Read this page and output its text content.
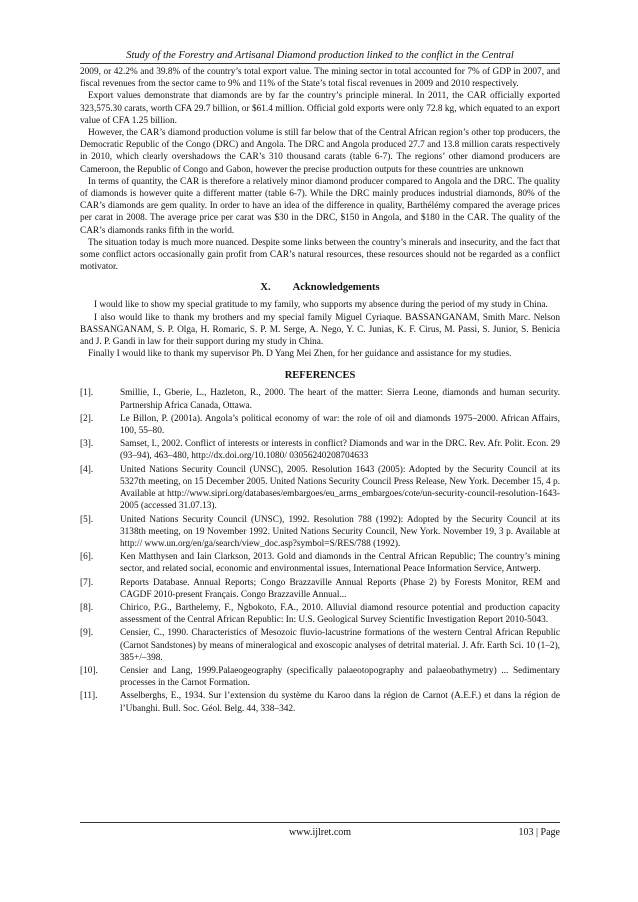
Study of the Forestry and Artisanal Diamond production linked to the conflict in the Central

2009, or 42.2% and 39.8% of the country’s total export value. The mining sector in total accounted for 7% of GDP in 2007, and fiscal revenues from the sector came to 9% and 11% of the State’s total fiscal revenues in 2009 and 2010 respectively.

Export values demonstrate that diamonds are by far the country’s principle mineral. In 2011, the CAR officially exported 323,575.30 carats, worth CFA 29.7 billion, or $61.4 million. Official gold exports were only 72.8 kg, which equated to an export value of CFA 1.25 billion.

However, the CAR’s diamond production volume is still far below that of the Central African region’s other top producers, the Democratic Republic of the Congo (DRC) and Angola. The DRC and Angola produced 27.7 and 13.8 million carats respectively in 2010, which clearly overshadows the CAR’s 310 thousand carats (table 6-7). The regions’ other diamond producers are Cameroon, the Republic of Congo and Gabon, however the precise production outputs for these countries are unknown

In terms of quantity, the CAR is therefore a relatively minor diamond producer compared to Angola and the DRC. The quality of diamonds is however quite a different matter (table 6-7). While the DRC mainly produces industrial diamonds, 80% of the CAR’s diamonds are gem quality. In order to have an idea of the difference in quality, Barthélémy compared the average prices per carat in 2008. The average price per carat was $30 in the DRC, $150 in Angola, and $180 in the CAR. The quality of the CAR’s diamonds ranks fifth in the world.

The situation today is much more nuanced. Despite some links between the country’s minerals and insecurity, and the fact that some conflict actors occasionally gain profit from CAR’s natural resources, these resources should not be regarded as a conflict motivator.

X. Acknowledgements

I would like to show my special gratitude to my family, who supports my absence during the period of my study in China.

I also would like to thank my brothers and my special family Miguel Cyriaque. BASSANGANAM, Smith Marc. Nelson BASSANGANAM, S. P. Olga, H. Romaric, S. P. M. Serge, A. Nego, Y. C. Junias, K. F. Cirus, M. Passi, S. Junior, S. Benicia and J. P. Gandi in law for their support during my study in China.

Finally I would like to thank my supervisor Ph. D Yang Mei Zhen, for her guidance and assistance for my studies.

REFERENCES
[1].	Smillie, I., Gberie, L., Hazleton, R., 2000. The heart of the matter: Sierra Leone, diamonds and human security. Partnership Africa Canada, Ottawa.
[2].	Le Billon, P. (2001a). Angola’s political economy of war: the role of oil and diamonds 1975–2000. African Affairs, 100, 55–80.
[3].	Samset, I., 2002. Conflict of interests or interests in conflict? Diamonds and war in the DRC. Rev. Afr. Polit. Econ. 29 (93–94), 463–480, http://dx.doi.org/10.1080/ 03056240208704633
[4].	United Nations Security Council (UNSC), 2005. Resolution 1643 (2005): Adopted by the Security Council at its 5327th meeting, on 15 December 2005. United Nations Security Council Press Release, New York. December 15, 4 p. Available at http://www.sipri.org/databases/embargoes/eu_arms_embargoes/cote/un-security-council-resolution-1643-2005 (accessed 31.07.13).
[5].	United Nations Security Council (UNSC), 1992. Resolution 788 (1992): Adopted by the Security Council at its 3138th meeting, on 19 November 1992. United Nations Security Council, New York. November 19, 3 p. Available at http:// www.un.org/en/ga/search/view_doc.asp?symbol=S/RES/788 (1992).
[6].	Ken Matthysen and Iain Clarkson, 2013. Gold and diamonds in the Central African Republic; The country’s mining sector, and related social, economic and environmental issues, International Peace Information Service, Antwerp.
[7].	Reports Database. Annual Reports; Congo Brazzaville Annual Reports (Phase 2) by Forests Monitor, REM and CAGDF 2010-present Français. Congo Brazzaville Annual...
[8].	Chirico, P.G., Barthelemy, F., Ngbokoto, F.A., 2010. Alluvial diamond resource potential and production capacity assessment of the Central African Republic: In: U.S. Geological Survey Scientific Investigation Report 2010-5043.
[9].	Censier, C., 1990. Characteristics of Mesozoic fluvio-lacustrine formations of the western Central African Republic (Carnot Sandstones) by means of mineralogical and exoscopic analyses of detrital material. J. Afr. Earth Sci. 10 (1–2), 385+/–398.
[10].	Censier and Lang, 1999.Palaeogeography (specifically palaeotopography and palaeobathymetry) ... Sedimentary processes in the Carnot Formation.
[11].	Asselberghs, E., 1934. Sur l’extension du système du Karoo dans la région de Carnot (A.E.F.) et dans la région de l’Ubanghi. Bull. Soc. Géol. Belg. 44, 338–342.
www.ijlret.com	103 | Page
